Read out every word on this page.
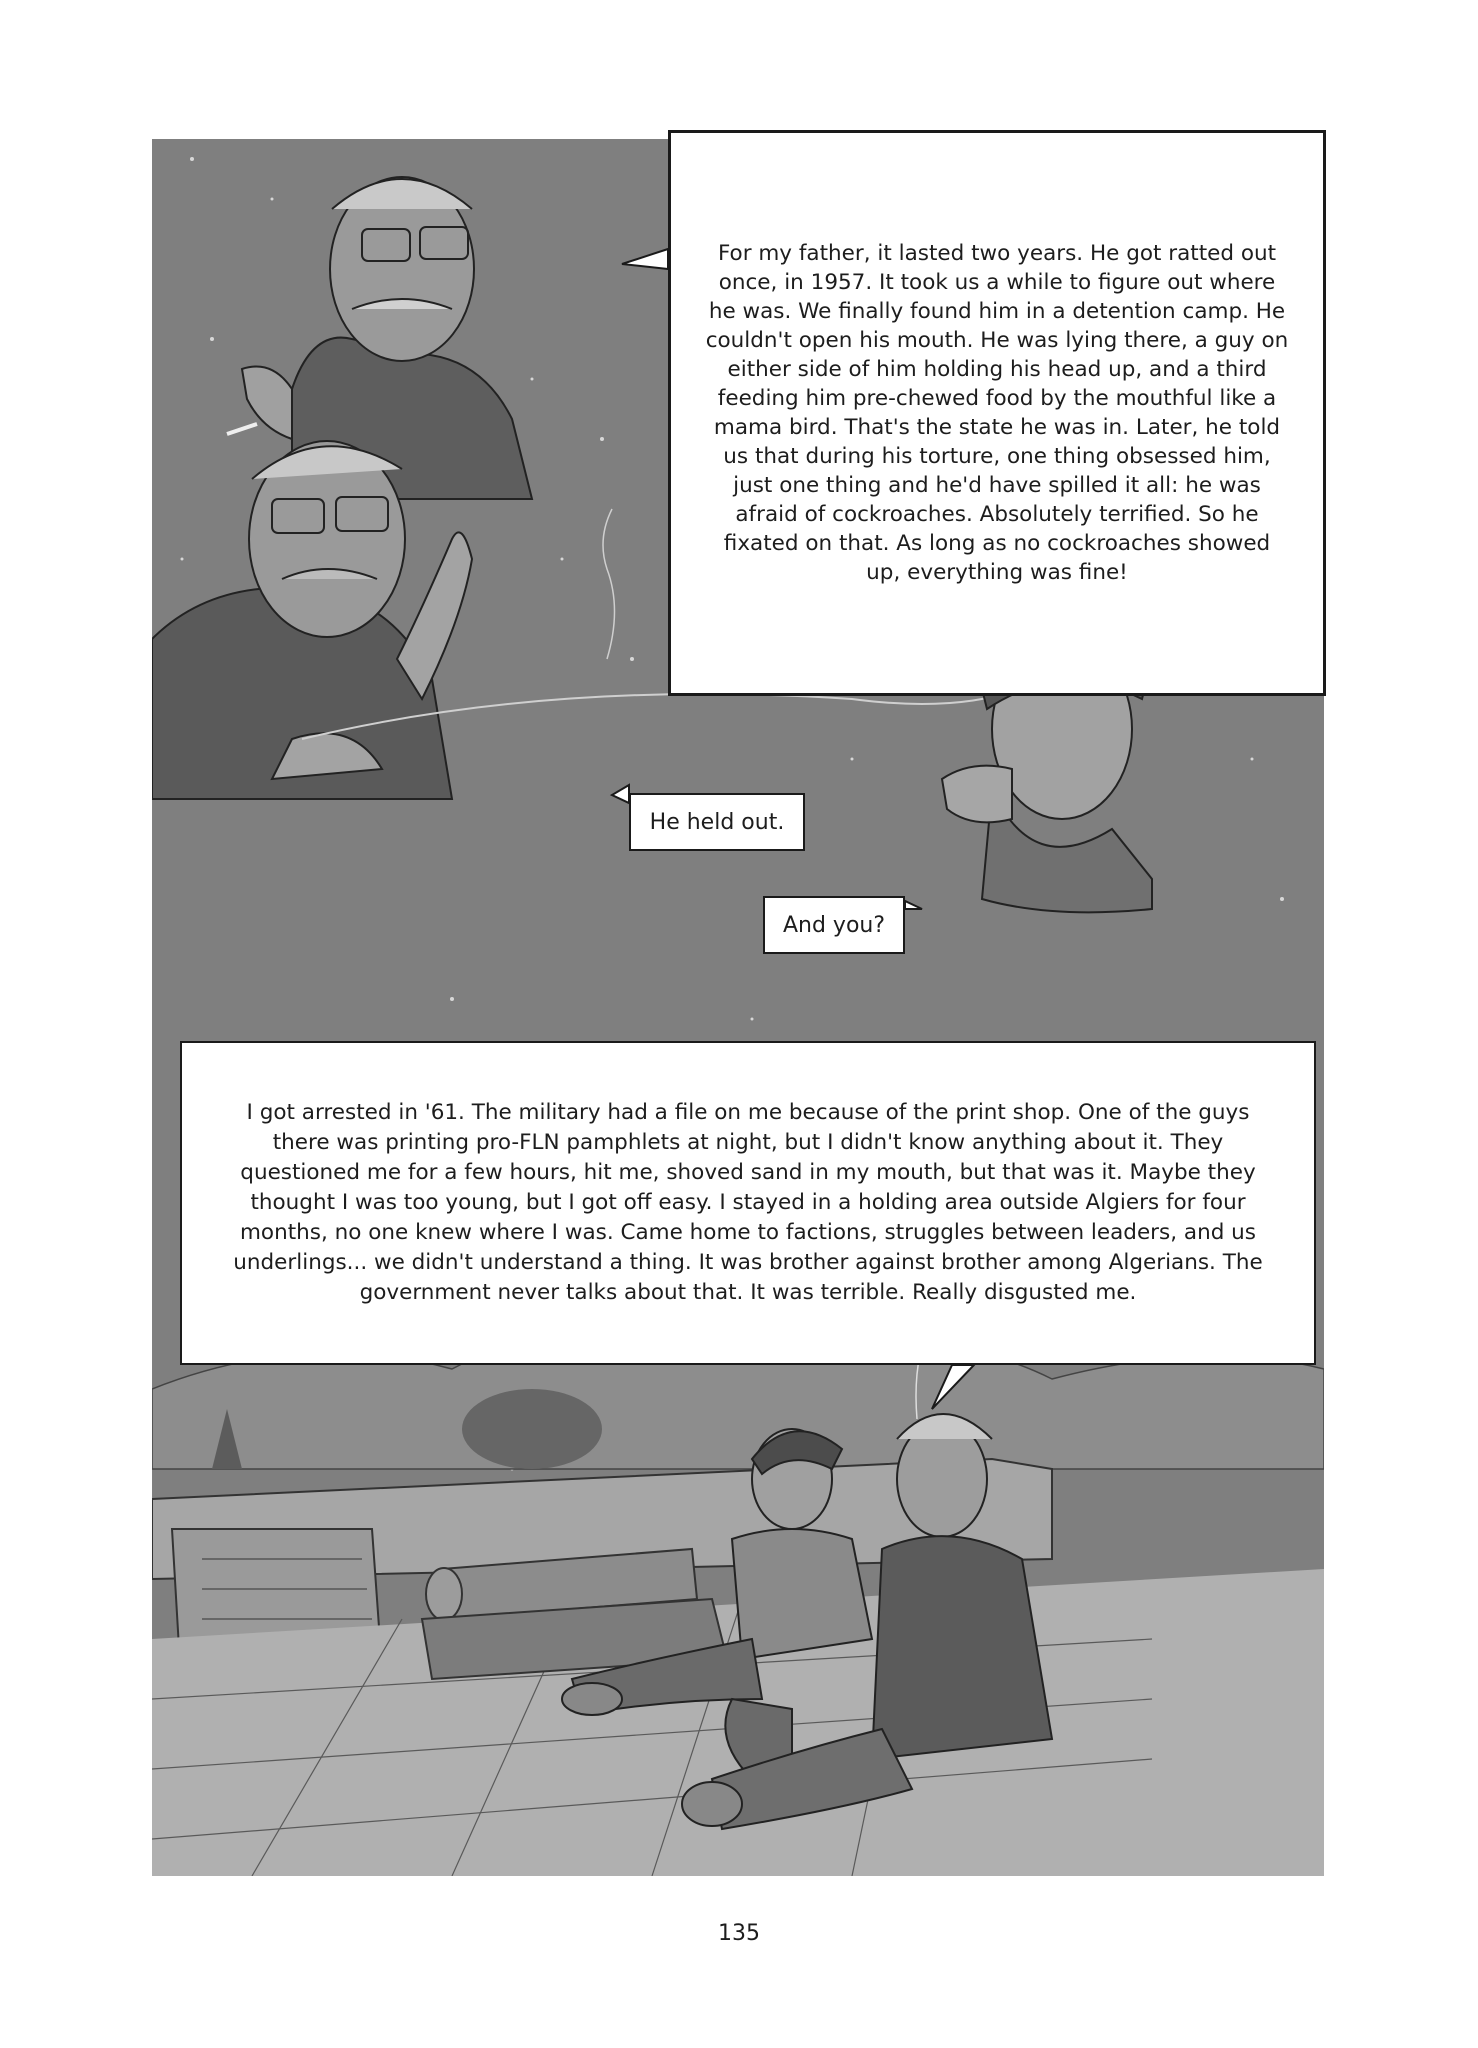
For my father, it lasted two years. He got ratted out once, in 1957. It took us a while to figure out where he was. We finally found him in a detention camp. He couldn't open his mouth. He was lying there, a guy on either side of him holding his head up, and a third feeding him pre-chewed food by the mouthful like a mama bird. That's the state he was in. Later, he told us that during his torture, one thing obsessed him, just one thing and he'd have spilled it all: he was afraid of cockroaches. Absolutely terrified. So he fixated on that. As long as no cockroaches showed up, everything was fine!
He held out.
And you?
I got arrested in '61. The military had a file on me because of the print shop. One of the guys there was printing pro-FLN pamphlets at night, but I didn't know anything about it. They questioned me for a few hours, hit me, shoved sand in my mouth, but that was it. Maybe they thought I was too young, but I got off easy. I stayed in a holding area outside Algiers for four months, no one knew where I was. Came home to factions, struggles between leaders, and us underlings... we didn't understand a thing. It was brother against brother among Algerians. The government never talks about that. It was terrible. Really disgusted me.
135
